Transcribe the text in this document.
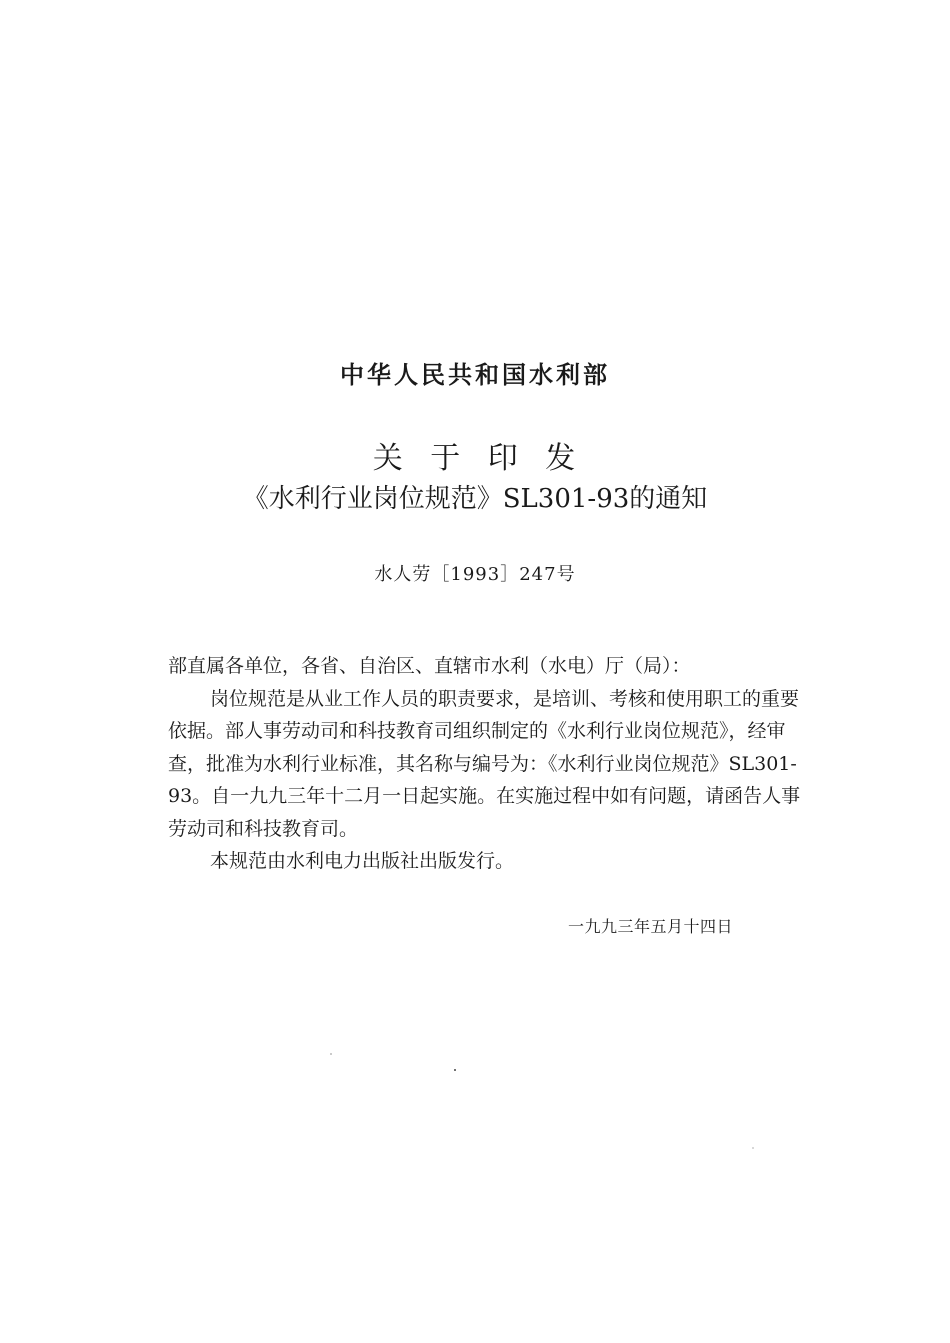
中华人民共和国水利部
关 于 印 发
《水利行业岗位规范》SL301-93的通知
水人劳［1993］247号

部直属各单位，各省、自治区、直辖市水利（水电）厅（局）：

岗位规范是从业工作人员的职责要求，是培训、考核和使用职工的重要依据。部人事劳动司和科技教育司组织制定的《水利行业岗位规范》，经审查，批准为水利行业标准，其名称与编号为：《水利行业岗位规范》SL301-93。自一九九三年十二月一日起实施。在实施过程中如有问题，请函告人事劳动司和科技教育司。

本规范由水利电力出版社出版发行。

一九九三年五月十四日
